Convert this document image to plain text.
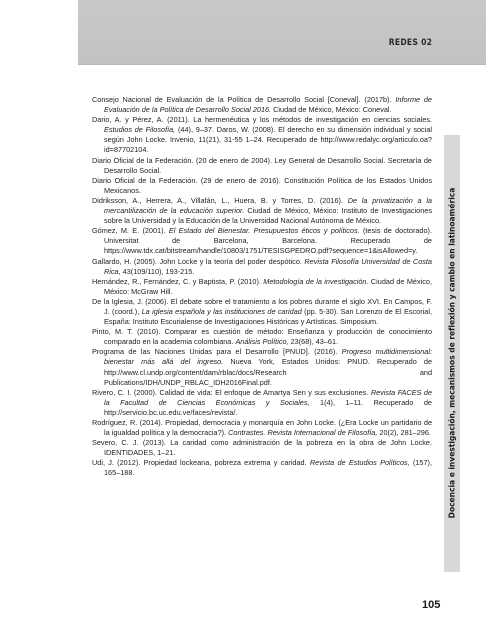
REDES 02
Docencia e investigación, mecanismos de reflexión y cambio en latinoamérica

Consejo Nacional de Evaluación de la Política de Desarrollo Social [Coneval]. (2017b). Informe de Evaluación de la Política de Desarrollo Social 2016. Ciudad de México, México: Coneval.

Dario, A. y Pérez, A. (2011). La hermenéutica y los métodos de investigación en ciencias sociales. Estudios de Filosofía, (44), 9–37. Daros, W. (2008). El derecho en su dimensión individual y social según John Locke. Invenio, 11(21), 31-55 1–24. Recuperado de http://www.redalyc.org/articulo.oa?id=87702104.

Diario Oficial de la Federación. (20 de enero de 2004). Ley General de Desarrollo Social. Secretaría de Desarrollo Social.

Diario Oficial de la Federación. (29 de enero de 2016). Constitución Política de los Estados Unidos Mexicanos.

Didriksson, A., Herrera, A., Villafán, L., Huera, B. y Torres, D. (2016). De la privatización a la mercantilización de la educación superior. Ciudad de México, México: Instituto de Investigaciones sobre la Universidad y la Educación de la Universidad Nacional Autónoma de México.

Gómez, M. E. (2001). El Estado del Bienestar. Presupuestos éticos y políticos. (tesis de doctorado). Universitat de Barcelona, Barcelona. Recuperado de https://www.tdx.cat/bitstream/handle/10803/1751/TESISGPEDRO.pdf?sequence=1&isAllowed=y.

Gallardo, H. (2005). John Locke y la teoría del poder despótico. Revista Filosofía Universidad de Costa Rica, 43(109/110), 193-215.

Hernández, R., Fernández, C. y Baptista, P. (2010). Metodología de la investigación. Ciudad de México, México: McGraw Hill.

De la Iglesia, J. (2006). El debate sobre el tratamiento a los pobres durante el siglo XVI. En Campos, F. J. (coord.), La iglesia española y las instituciones de caridad (pp. 5-30). San Lorenzo de El Escorial, España: Instituto Escurialense de Investigaciones Históricas y Artísticas. Simposium.

Pinto, M. T. (2010). Comparar es cuestión de método: Enseñanza y producción de conocimiento comparado en la academia colombiana. Análisis Político, 23(68), 43–61.

Programa de las Naciones Unidas para el Desarrollo [PNUD]. (2016). Progreso multidimensional: bienestar más allá del ingreso. Nueva York, Estados Unidos: PNUD. Recuperado de http://www.cl.undp.org/content/dam/rblac/docs/Research and Publications/IDH/UNDP_RBLAC_IDH2016Final.pdf.

Rivero, C. I. (2000). Calidad de vida: El enfoque de Amartya Sen y sus exclusiones. Revista FACES de la Facultad de Ciencias Económicas y Sociales, 1(4), 1–11. Recuperado de http://servicio.bc.uc.edu.ve/faces/revista/.

Rodríguez, R. (2014). Propiedad, democracia y monarquía en John Locke. (¿Era Locke un partidario de la igualdad política y la democracia?). Contrastes. Revista Internacional de Filosofía, 20(2), 281–296.

Severo, C. J. (2013). La caridad como administración de la pobreza en la obra de John Locke. IDENTIDADES, 1–21.

Udi, J. (2012). Propiedad lockeana, pobreza extrema y caridad. Revista de Estudios Políticos, (157), 165–188.

105
